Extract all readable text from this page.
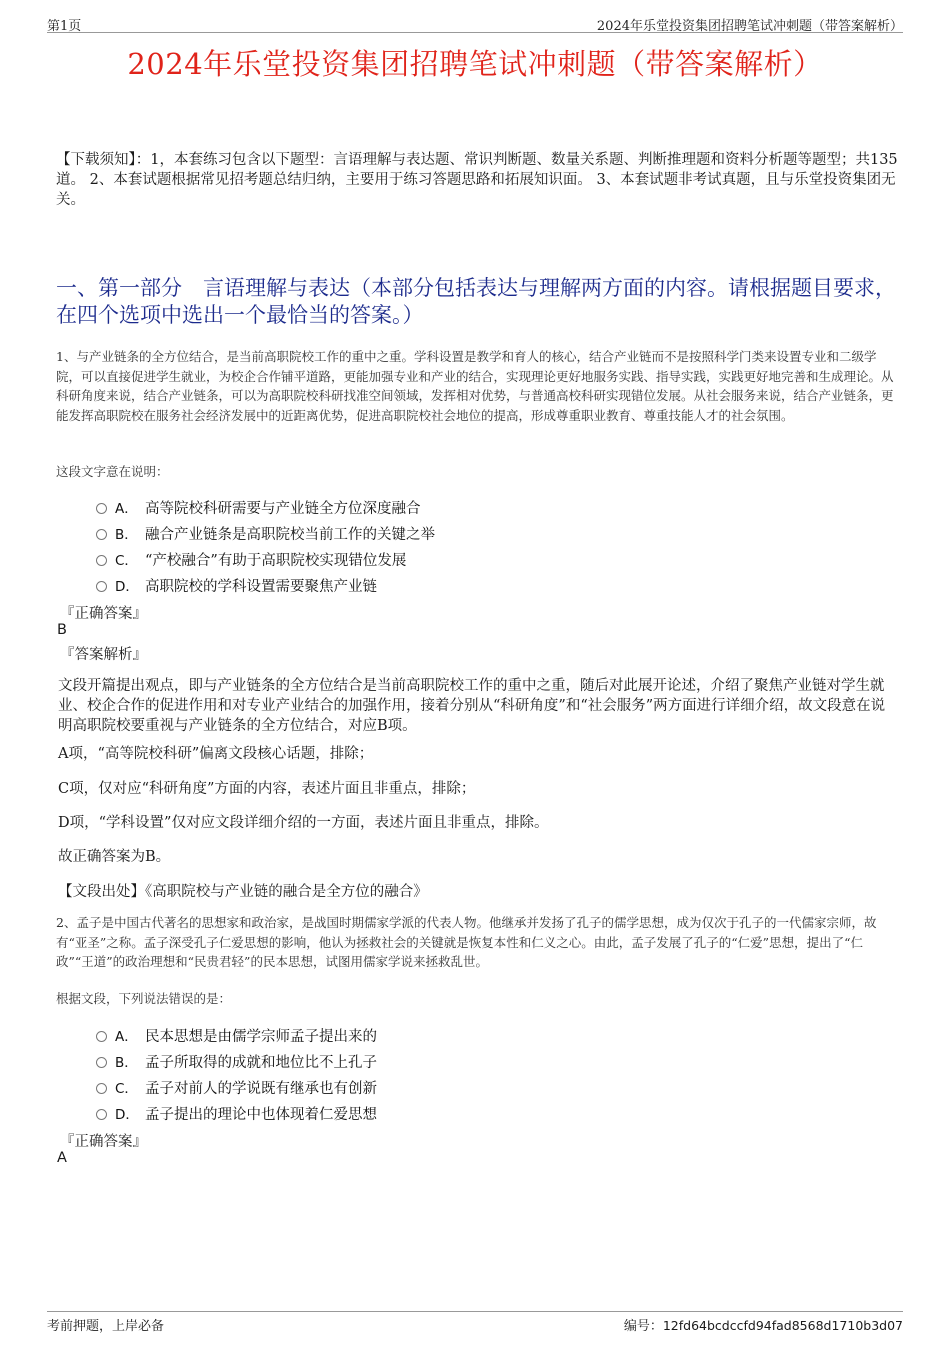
第1页	2024年乐堂投资集团招聘笔试冲刺题（带答案解析）
2024年乐堂投资集团招聘笔试冲刺题（带答案解析）
【下载须知】：1，本套练习包含以下题型：言语理解与表达题、常识判断题、数量关系题、判断推理题和资料分析题等题型；共135道。 2、本套试题根据常见招考题总结归纳，主要用于练习答题思路和拓展知识面。 3、本套试题非考试真题，且与乐堂投资集团无关。
一、第一部分　言语理解与表达（本部分包括表达与理解两方面的内容。请根据题目要求，在四个选项中选出一个最恰当的答案。）
1、与产业链条的全方位结合，是当前高职院校工作的重中之重。学科设置是教学和育人的核心，结合产业链而不是按照科学门类来设置专业和二级学院，可以直接促进学生就业，为校企合作铺平道路，更能加强专业和产业的结合，实现理论更好地服务实践、指导实践，实践更好地完善和生成理论。从科研角度来说，结合产业链条，可以为高职院校科研找准空间领域，发挥相对优势，与普通高校科研实现错位发展。从社会服务来说，结合产业链条，更能发挥高职院校在服务社会经济发展中的近距离优势，促进高职院校社会地位的提高，形成尊重职业教育、尊重技能人才的社会氛围。
这段文字意在说明：
A． 高等院校科研需要与产业链全方位深度融合
B． 融合产业链条是高职院校当前工作的关键之举
C． “产校融合”有助于高职院校实现错位发展
D． 高职院校的学科设置需要聚焦产业链
『正确答案』
B
『答案解析』
文段开篇提出观点，即与产业链条的全方位结合是当前高职院校工作的重中之重，随后对此展开论述，介绍了聚焦产业链对学生就业、校企合作的促进作用和对专业产业结合的加强作用，接着分别从“科研角度”和“社会服务”两方面进行详细介绍，故文段意在说明高职院校要重视与产业链条的全方位结合，对应B项。
A项，“高等院校科研”偏离文段核心话题，排除；
C项，仅对应“科研角度”方面的内容，表述片面且非重点，排除；
D项，“学科设置”仅对应文段详细介绍的一方面，表述片面且非重点，排除。
故正确答案为B。
【文段出处】《高职院校与产业链的融合是全方位的融合》
2、孟子是中国古代著名的思想家和政治家，是战国时期儒家学派的代表人物。他继承并发扬了孔子的儒学思想，成为仅次于孔子的一代儒家宗师，故有“亚圣”之称。孟子深受孔子仁爱思想的影响，他认为拯救社会的关键就是恢复本性和仁义之心。由此，孟子发展了孔子的“仁爱”思想，提出了“仁政”“王道”的政治理想和“民贵君轻”的民本思想，试图用儒家学说来拯救乱世。
根据文段，下列说法错误的是：
A． 民本思想是由儒学宗师孟子提出来的
B． 孟子所取得的成就和地位比不上孔子
C． 孟子对前人的学说既有继承也有创新
D． 孟子提出的理论中也体现着仁爱思想
『正确答案』
A
考前押题，上岸必备	编号：12fd64bcdccfd94fad8568d1710b3d07
